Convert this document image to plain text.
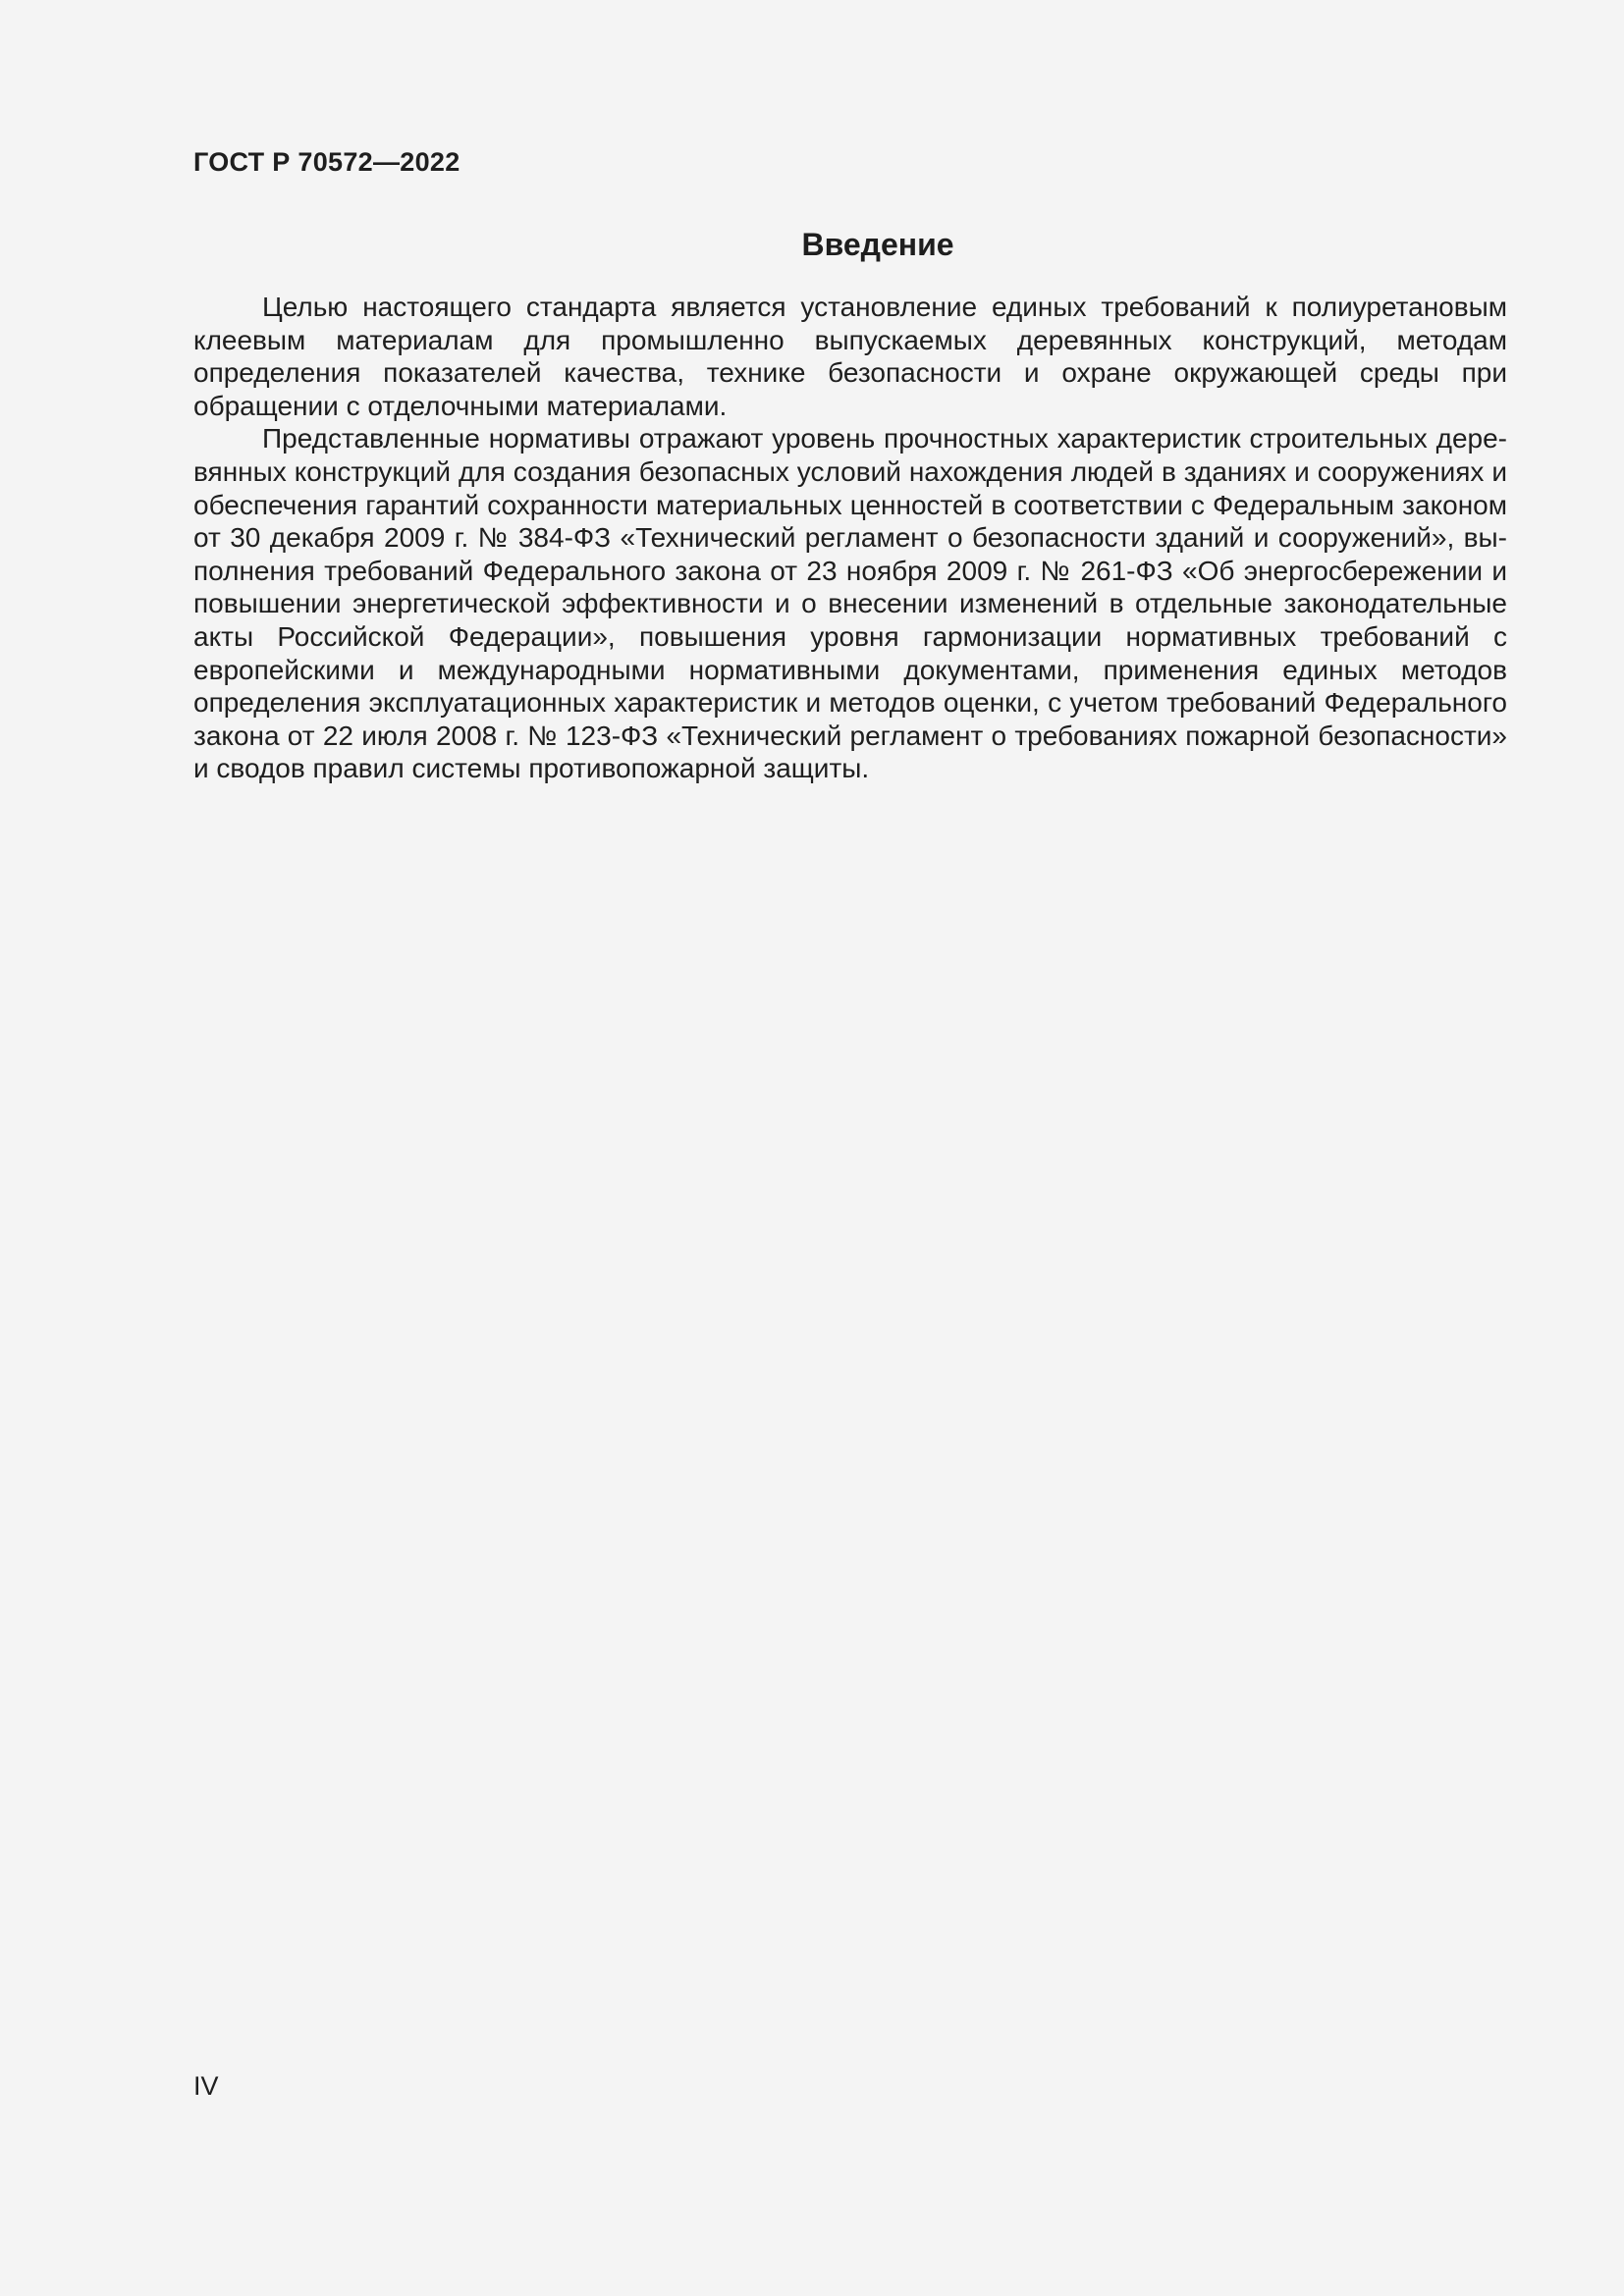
ГОСТ Р 70572—2022
Введение

Целью настоящего стандарта является установление единых требований к полиуретановым клеевым материалам для промышленно выпускаемых деревянных конструкций, методам определения показателей качества, технике безопасности и охране окружающей среды при обращении с отделочными материалами.

Представленные нормативы отражают уровень прочностных характеристик строительных деревянных конструкций для создания безопасных условий нахождения людей в зданиях и сооружениях и обеспечения гарантий сохранности материальных ценностей в соответствии с Федеральным законом от 30 декабря 2009 г. № 384-ФЗ «Технический регламент о безопасности зданий и сооружений», выполнения требований Федерального закона от 23 ноября 2009 г. № 261-ФЗ «Об энергосбережении и повышении энергетической эффективности и о внесении изменений в отдельные законодательные акты Российской Федерации», повышения уровня гармонизации нормативных требований с европейскими и международными нормативными документами, применения единых методов определения эксплуатационных характеристик и методов оценки, с учетом требований Федерального закона от 22 июля 2008 г. № 123-ФЗ «Технический регламент о требованиях пожарной безопасности» и сводов правил системы противопожарной защиты.

IV
